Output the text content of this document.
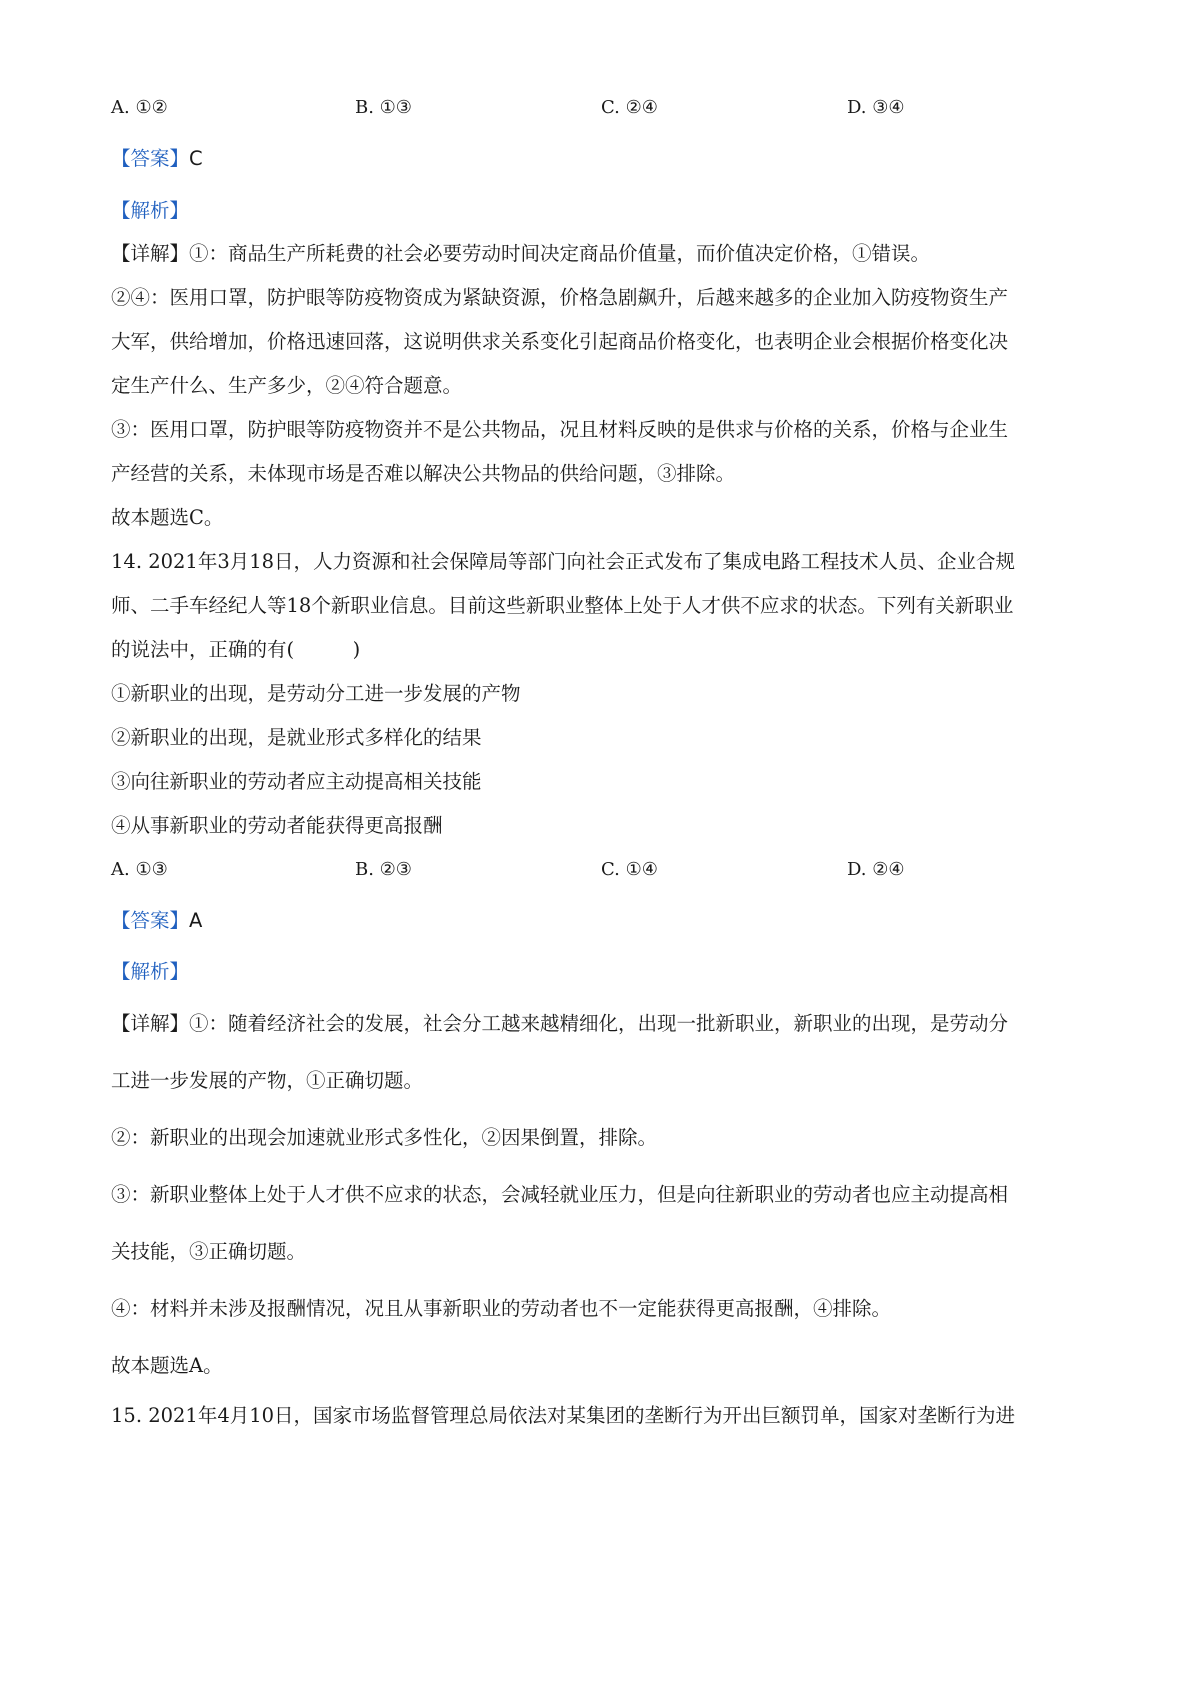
A. ①②	B. ①③	C. ②④	D. ③④
【答案】C
【解析】
【详解】①：商品生产所耗费的社会必要劳动时间决定商品价值量，而价值决定价格，①错误。
②④：医用口罩，防护眼等防疫物资成为紧缺资源，价格急剧飙升，后越来越多的企业加入防疫物资生产
大军，供给增加，价格迅速回落，这说明供求关系变化引起商品价格变化，也表明企业会根据价格变化决
定生产什么、生产多少，②④符合题意。
③：医用口罩，防护眼等防疫物资并不是公共物品，况且材料反映的是供求与价格的关系，价格与企业生
产经营的关系，未体现市场是否难以解决公共物品的供给问题，③排除。
故本题选C。
14. 2021年3月18日，人力资源和社会保障局等部门向社会正式发布了集成电路工程技术人员、企业合规
师、二手车经纪人等18个新职业信息。目前这些新职业整体上处于人才供不应求的状态。下列有关新职业
的说法中，正确的有(　　　)
①新职业的出现，是劳动分工进一步发展的产物
②新职业的出现，是就业形式多样化的结果
③向往新职业的劳动者应主动提高相关技能
④从事新职业的劳动者能获得更高报酬
A. ①③	B. ②③	C. ①④	D. ②④
【答案】A
【解析】
【详解】①：随着经济社会的发展，社会分工越来越精细化，出现一批新职业，新职业的出现，是劳动分
工进一步发展的产物，①正确切题。
②：新职业的出现会加速就业形式多性化，②因果倒置，排除。
③：新职业整体上处于人才供不应求的状态，会减轻就业压力，但是向往新职业的劳动者也应主动提高相
关技能，③正确切题。
④：材料并未涉及报酬情况，况且从事新职业的劳动者也不一定能获得更高报酬，④排除。
故本题选A。
15. 2021年4月10日，国家市场监督管理总局依法对某集团的垄断行为开出巨额罚单，国家对垄断行为进
